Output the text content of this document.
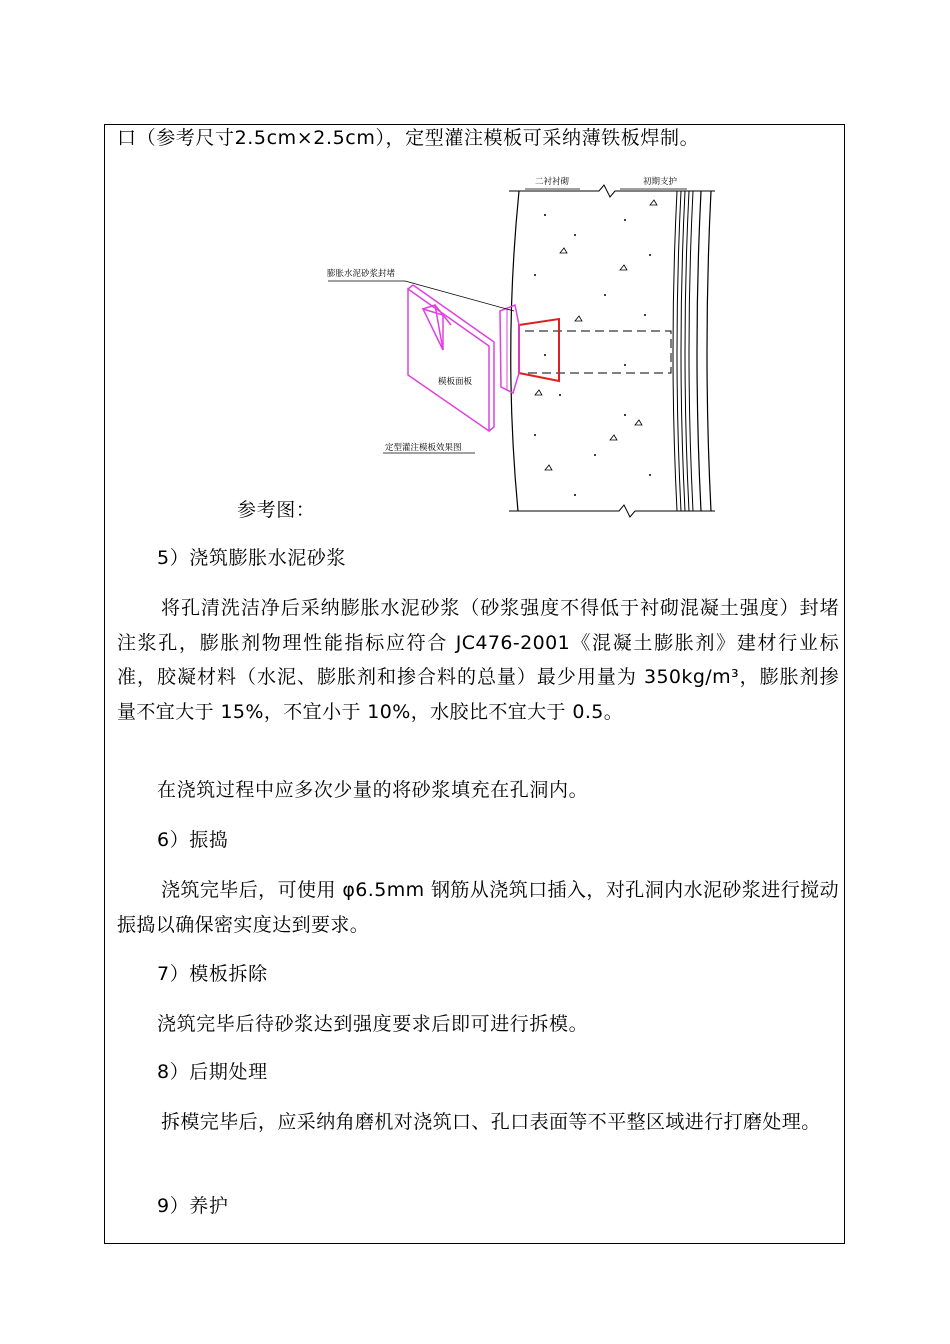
口（参考尺寸2.5cm×2.5cm），定型灌注模板可采纳薄铁板焊制。
二衬衬砌	初期支护
膨胀水泥砂浆封堵
模板面板
定型灌注模板效果图
参考图：
5）浇筑膨胀水泥砂浆
将孔清洗洁净后采纳膨胀水泥砂浆（砂浆强度不得低于衬砌混凝土强度）封堵注浆孔，膨胀剂物理性能指标应符合 JC476-2001《混凝土膨胀剂》建材行业标准，胶凝材料（水泥、膨胀剂和掺合料的总量）最少用量为 350kg/m³，膨胀剂掺量不宜大于 15%，不宜小于 10%，水胶比不宜大于 0.5。
在浇筑过程中应多次少量的将砂浆填充在孔洞内。
6）振捣
浇筑完毕后，可使用 φ6.5mm 钢筋从浇筑口插入，对孔洞内水泥砂浆进行搅动振捣以确保密实度达到要求。
7）模板拆除
浇筑完毕后待砂浆达到强度要求后即可进行拆模。
8）后期处理
拆模完毕后，应采纳角磨机对浇筑口、孔口表面等不平整区域进行打磨处理。
9）养护
